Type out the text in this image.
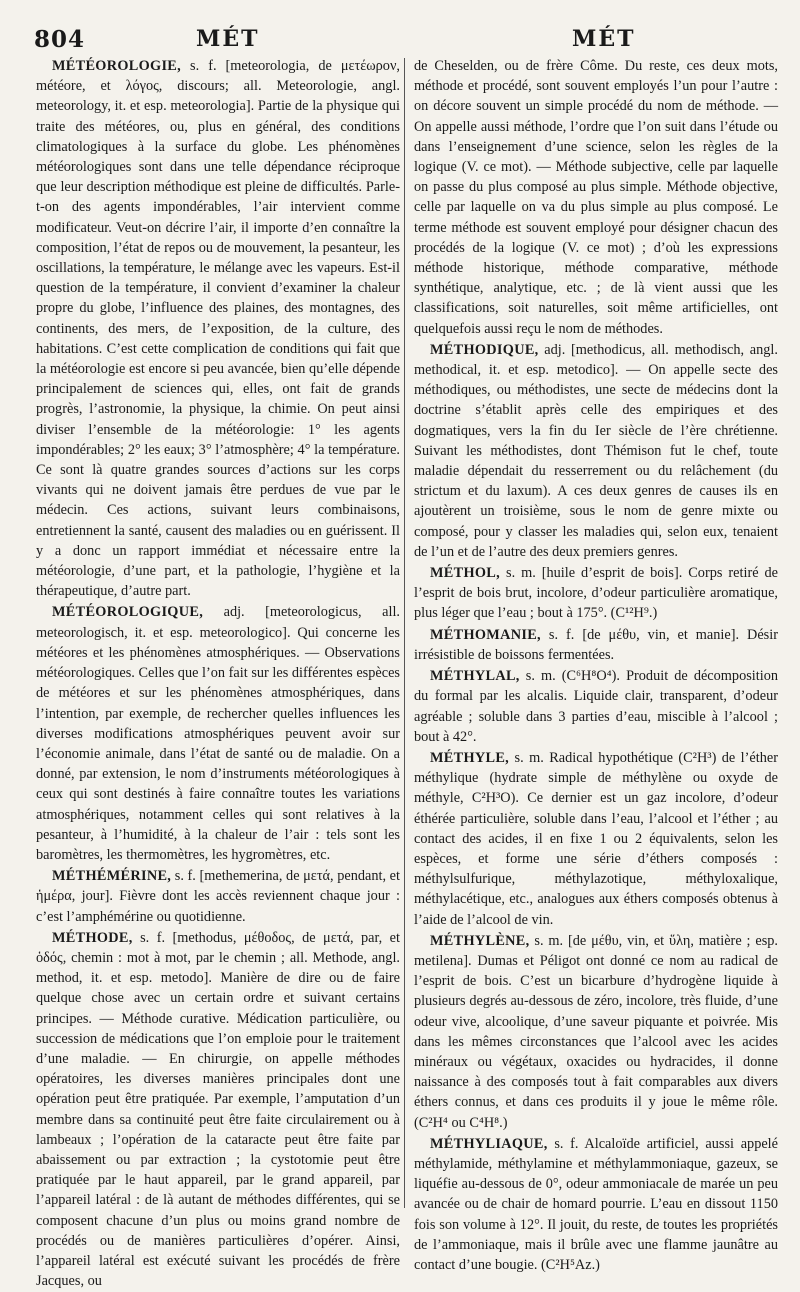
804	MÉT	MÉT

MÉTÉOROLOGIE, s. f. [meteorologia, de μετέωρον, météore, et λόγος, discours; all. Meteorologie, angl. meteorology, it. et esp. meteorologia]. Partie de la physique qui traite des météores, ou, plus en général, des conditions climatologiques à la surface du globe. Les phénomènes météorologiques sont dans une telle dépendance réciproque que leur description méthodique est pleine de difficultés. Parle-t-on des agents impondérables, l’air intervient comme modificateur. Veut-on décrire l’air, il importe d’en connaître la composition, l’état de repos ou de mouvement, la pesanteur, les oscillations, la température, le mélange avec les vapeurs. Est-il question de la température, il convient d’examiner la chaleur propre du globe, l’influence des plaines, des montagnes, des continents, des mers, de l’exposition, de la culture, des habitations. C’est cette complication de conditions qui fait que la météorologie est encore si peu avancée, bien qu’elle dépende principalement de sciences qui, elles, ont fait de grands progrès, l’astronomie, la physique, la chimie. On peut ainsi diviser l’ensemble de la météorologie: 1° les agents impondérables; 2° les eaux; 3° l’atmosphère; 4° la température. Ce sont là quatre grandes sources d’actions sur les corps vivants qui ne doivent jamais être perdues de vue par le médecin. Ces actions, suivant leurs combinaisons, entretiennent la santé, causent des maladies ou en guérissent. Il y a donc un rapport immédiat et nécessaire entre la météorologie, d’une part, et la pathologie, l’hygiène et la thérapeutique, d’autre part.

MÉTÉOROLOGIQUE, adj. [meteorologicus, all. meteorologisch, it. et esp. meteorologico]. Qui concerne les météores et les phénomènes atmosphériques. — Observations météorologiques. Celles que l’on fait sur les différentes espèces de météores et sur les phénomènes atmosphériques, dans l’intention, par exemple, de rechercher quelles influences les diverses modifications atmosphériques peuvent avoir sur l’économie animale, dans l’état de santé ou de maladie. On a donné, par extension, le nom d’instruments météorologiques à ceux qui sont destinés à faire connaître toutes les variations atmosphériques, notamment celles qui sont relatives à la pesanteur, à l’humidité, à la chaleur de l’air : tels sont les baromètres, les thermomètres, les hygromètres, etc.

MÉTHÉMÉRINE, s. f. [methemerina, de μετά, pendant, et ἡμέρα, jour]. Fièvre dont les accès reviennent chaque jour : c’est l’amphémérine ou quotidienne.

MÉTHODE, s. f. [methodus, μέθοδος, de μετά, par, et ὁδός, chemin : mot à mot, par le chemin ; all. Methode, angl. method, it. et esp. metodo]. Manière de dire ou de faire quelque chose avec un certain ordre et suivant certains principes. — Méthode curative. Médication particulière, ou succession de médications que l’on emploie pour le traitement d’une maladie. — En chirurgie, on appelle méthodes opératoires, les diverses manières principales dont une opération peut être pratiquée. Par exemple, l’amputation d’un membre dans sa continuité peut être faite circulairement ou à lambeaux ; l’opération de la cataracte peut être faite par abaissement ou par extraction ; la cystotomie peut être pratiquée par le haut appareil, par le grand appareil, par l’appareil latéral : de là autant de méthodes différentes, qui se composent chacune d’un plus ou moins grand nombre de procédés ou de manières particulières d’opérer. Ainsi, l’appareil latéral est exécuté suivant les procédés de frère Jacques, ou

de Cheselden, ou de frère Côme. Du reste, ces deux mots, méthode et procédé, sont souvent employés l’un pour l’autre : on décore souvent un simple procédé du nom de méthode. — On appelle aussi méthode, l’ordre que l’on suit dans l’étude ou dans l’enseignement d’une science, selon les règles de la logique (V. ce mot). — Méthode subjective, celle par laquelle on passe du plus composé au plus simple. Méthode objective, celle par laquelle on va du plus simple au plus composé. Le terme méthode est souvent employé pour désigner chacun des procédés de la logique (V. ce mot) ; d’où les expressions méthode historique, méthode comparative, méthode synthétique, analytique, etc. ; de là vient aussi que les classifications, soit naturelles, soit même artificielles, ont quelquefois aussi reçu le nom de méthodes.

MÉTHODIQUE, adj. [methodicus, all. methodisch, angl. methodical, it. et esp. metodico]. — On appelle secte des méthodiques, ou méthodistes, une secte de médecins dont la doctrine s’établit après celle des empiriques et des dogmatiques, vers la fin du Ier siècle de l’ère chrétienne. Suivant les méthodistes, dont Thémison fut le chef, toute maladie dépendait du resserrement ou du relâchement (du strictum et du laxum). A ces deux genres de causes ils en ajoutèrent un troisième, sous le nom de genre mixte ou composé, pour y classer les maladies qui, selon eux, tenaient de l’un et de l’autre des deux premiers genres.

MÉTHOL, s. m. [huile d’esprit de bois]. Corps retiré de l’esprit de bois brut, incolore, d’odeur particulière aromatique, plus léger que l’eau ; bout à 175°. (C¹²H⁹.)

MÉTHOMANIE, s. f. [de μέθυ, vin, et manie]. Désir irrésistible de boissons fermentées.

MÉTHYLAL, s. m. (C⁶H⁸O⁴). Produit de décomposition du formal par les alcalis. Liquide clair, transparent, d’odeur agréable ; soluble dans 3 parties d’eau, miscible à l’alcool ; bout à 42°.

MÉTHYLE, s. m. Radical hypothétique (C²H³) de l’éther méthylique (hydrate simple de méthylène ou oxyde de méthyle, C²H³O). Ce dernier est un gaz incolore, d’odeur éthérée particulière, soluble dans l’eau, l’alcool et l’éther ; au contact des acides, il en fixe 1 ou 2 équivalents, selon les espèces, et forme une série d’éthers composés : méthylsulfurique, méthylazotique, méthyloxalique, méthylacétique, etc., analogues aux éthers composés obtenus à l’aide de l’alcool de vin.

MÉTHYLÈNE, s. m. [de μέθυ, vin, et ὕλη, matière ; esp. metilena]. Dumas et Péligot ont donné ce nom au radical de l’esprit de bois. C’est un bicarbure d’hydrogène liquide à plusieurs degrés au-dessous de zéro, incolore, très fluide, d’une odeur vive, alcoolique, d’une saveur piquante et poivrée. Mis dans les mêmes circonstances que l’alcool avec les acides minéraux ou végétaux, oxacides ou hydracides, il donne naissance à des composés tout à fait comparables aux divers éthers connus, et dans ces produits il y joue le même rôle. (C²H⁴ ou C⁴H⁸.)

MÉTHYLIAQUE, s. f. Alcaloïde artificiel, aussi appelé méthylamide, méthylamine et méthylammoniaque, gazeux, se liquéfie au-dessous de 0°, odeur ammoniacale de marée un peu avancée ou de chair de homard pourrie. L’eau en dissout 1150 fois son volume à 12°. Il jouit, du reste, de toutes les propriétés de l’ammoniaque, mais il brûle avec une flamme jaunâtre au contact d’une bougie. (C²H⁵Az.)
